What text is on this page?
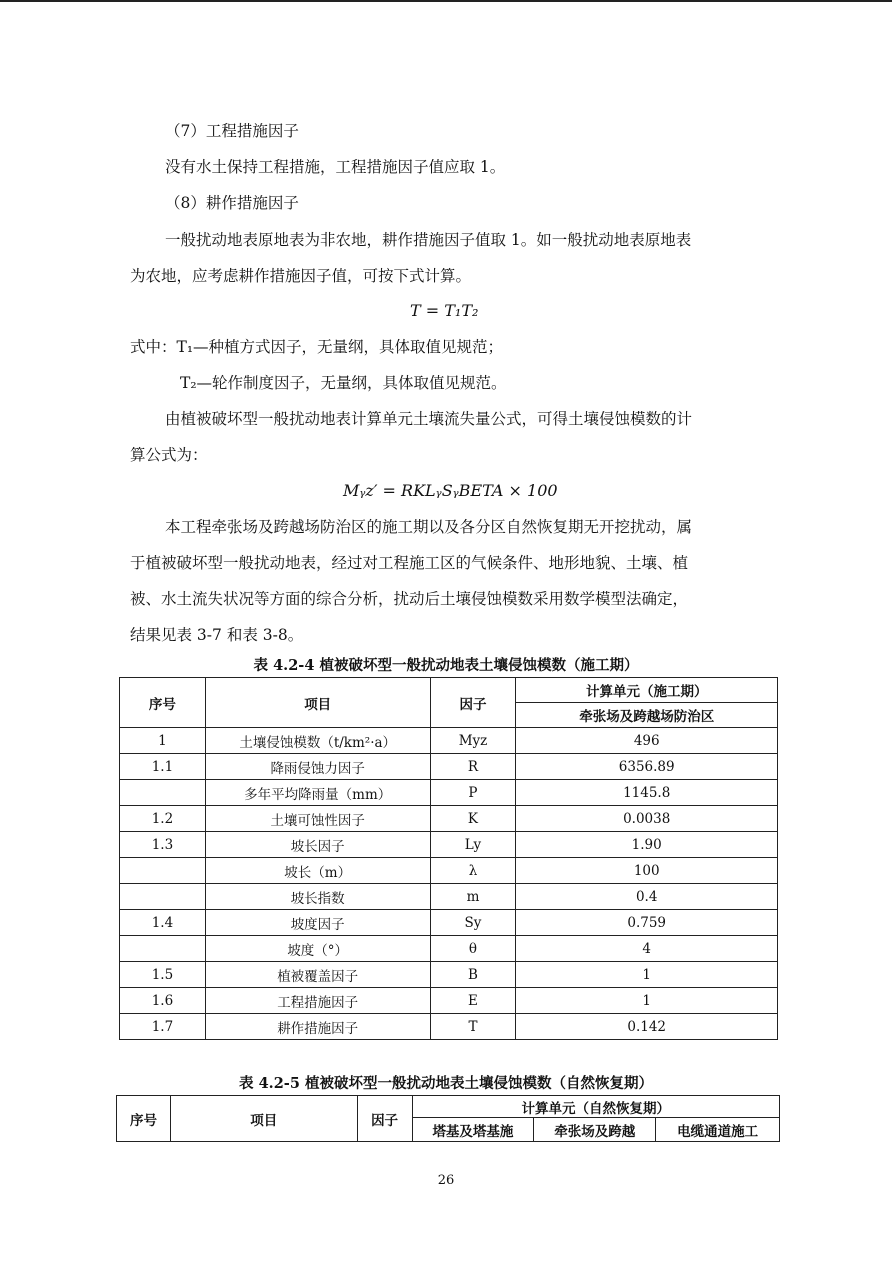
（7）工程措施因子
没有水土保持工程措施，工程措施因子值应取 1。
（8）耕作措施因子
一般扰动地表原地表为非农地，耕作措施因子值取 1。如一般扰动地表原地表
为农地，应考虑耕作措施因子值，可按下式计算。
T = T₁T₂
式中：T₁—种植方式因子，无量纲，具体取值见规范；
T₂—轮作制度因子，无量纲，具体取值见规范。
由植被破坏型一般扰动地表计算单元土壤流失量公式，可得土壤侵蚀模数的计
算公式为：
Mᵧz′ = RKLᵧSᵧBETA × 100
本工程牵张场及跨越场防治区的施工期以及各分区自然恢复期无开挖扰动，属
于植被破坏型一般扰动地表，经过对工程施工区的气候条件、地形地貌、土壤、植
被、水土流失状况等方面的综合分析，扰动后土壤侵蚀模数采用数学模型法确定，
结果见表 3-7 和表 3-8。
表 4.2-4 植被破坏型一般扰动地表土壤侵蚀模数（施工期）
序号	项目	因子	计算单元（施工期）
			牵张场及跨越场防治区
1	土壤侵蚀模数（t/km²·a）	Myz	496
1.1	降雨侵蚀力因子	R	6356.89
	多年平均降雨量（mm）	P	1145.8
1.2	土壤可蚀性因子	K	0.0038
1.3	坡长因子	Ly	1.90
	坡长（m）	λ	100
	坡长指数	m	0.4
1.4	坡度因子	Sy	0.759
	坡度（°）	θ	4
1.5	植被覆盖因子	B	1
1.6	工程措施因子	E	1
1.7	耕作措施因子	T	0.142
表 4.2-5 植被破坏型一般扰动地表土壤侵蚀模数（自然恢复期）
序号	项目	因子	计算单元（自然恢复期）		
			塔基及塔基施	牵张场及跨越	电缆通道施工
26
